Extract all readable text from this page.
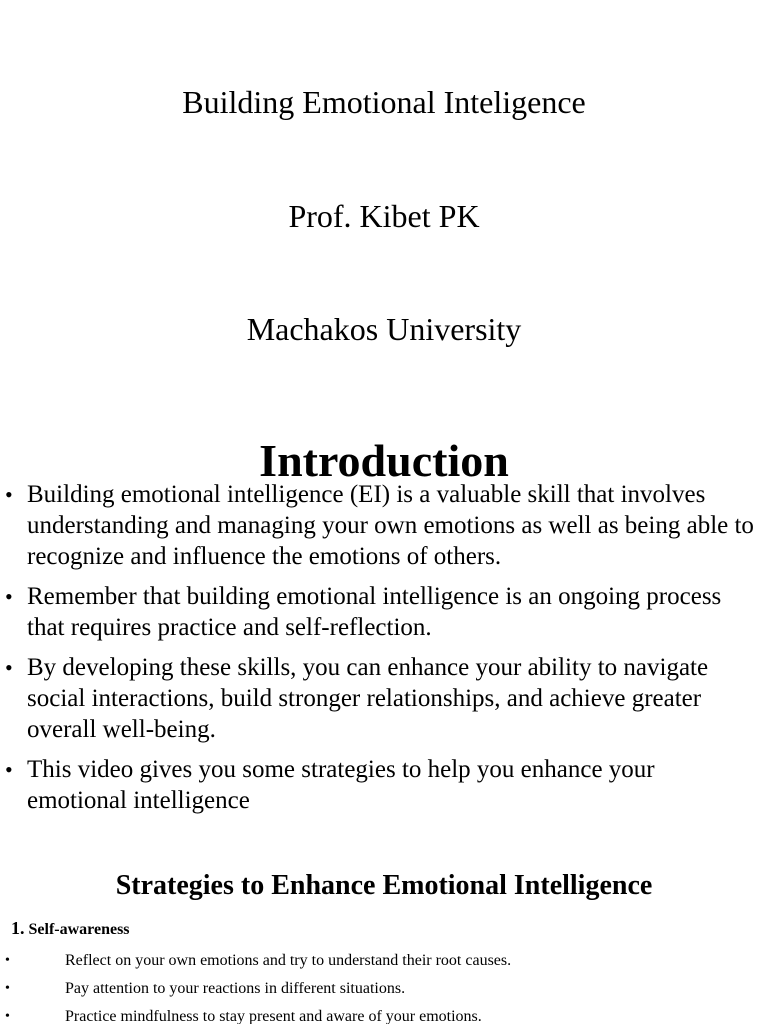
Building Emotional Inteligence
Prof. Kibet PK
Machakos University
Introduction
• Building emotional intelligence (EI) is a valuable skill that involves understanding and managing your own emotions as well as being able to recognize and influence the emotions of others.
• Remember that building emotional intelligence is an ongoing process that requires practice and self-reflection.
• By developing these skills, you can enhance your ability to navigate social interactions, build stronger relationships, and achieve greater overall well-being.
• This video gives you some strategies to help you enhance your emotional intelligence
Strategies to Enhance Emotional Intelligence
1. Self-awareness
•	Reflect on your own emotions and try to understand their root causes.
•	Pay attention to your reactions in different situations.
•	Practice mindfulness to stay present and aware of your emotions.
